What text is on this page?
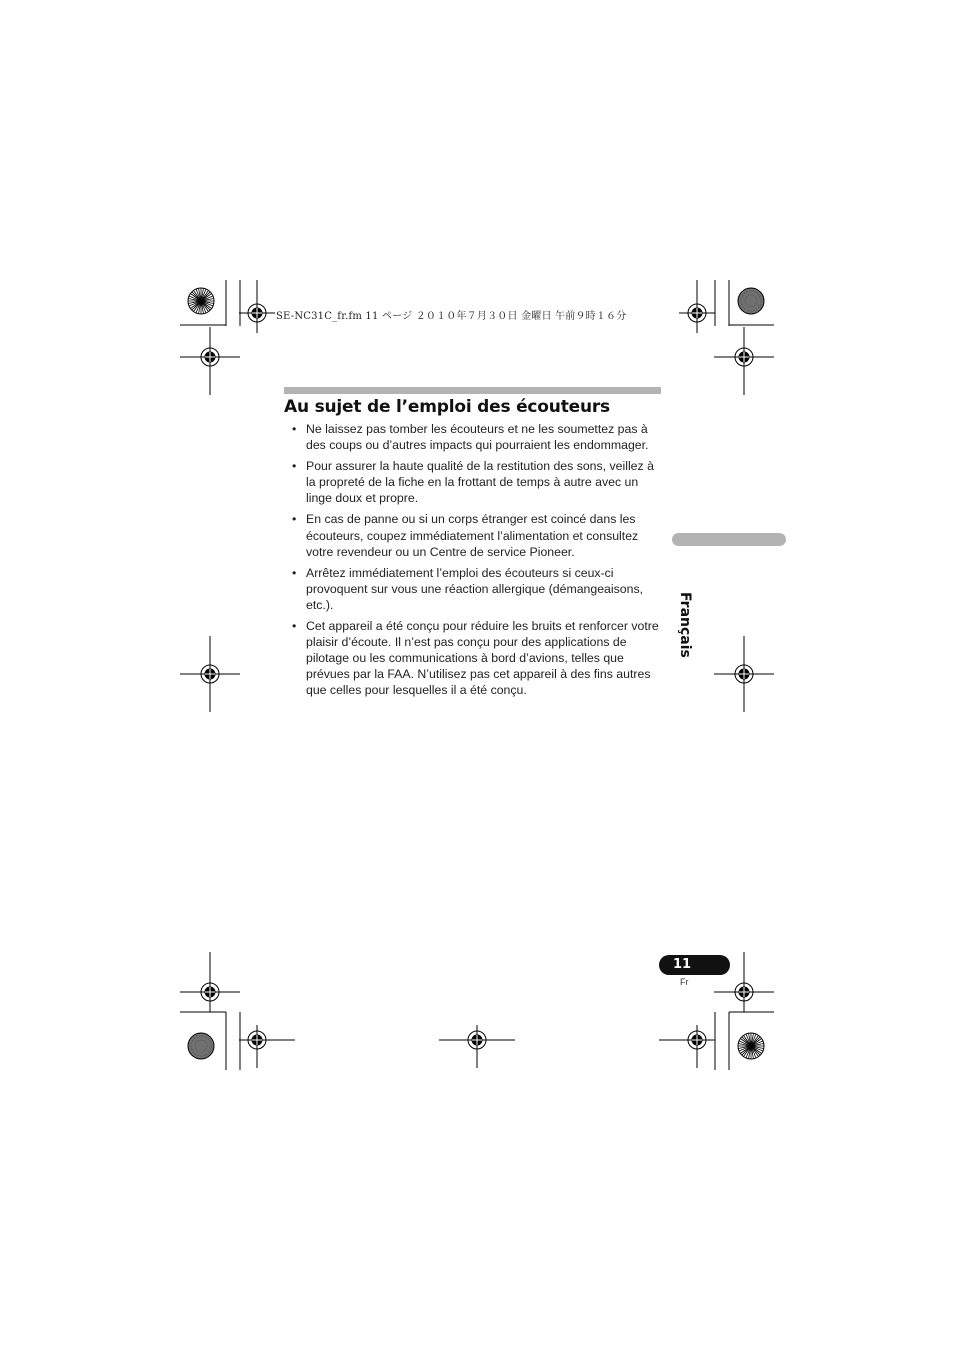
SE-NC31C_fr.fm 11 ページ ２０１０年７月３０日 金曜日 午前９時１６分
Au sujet de l’emploi des écouteurs
• Ne laissez pas tomber les écouteurs et ne les soumettez pas à des coups ou d’autres impacts qui pourraient les endommager.
• Pour assurer la haute qualité de la restitution des sons, veillez à la propreté de la fiche en la frottant de temps à autre avec un linge doux et propre.
• En cas de panne ou si un corps étranger est coincé dans les écouteurs, coupez immédiatement l’alimentation et consultez votre revendeur ou un Centre de service Pioneer.
• Arrêtez immédiatement l’emploi des écouteurs si ceux-ci provoquent sur vous une réaction allergique (démangeaisons, etc.).
• Cet appareil a été conçu pour réduire les bruits et renforcer votre plaisir d’écoute. Il n’est pas conçu pour des applications de pilotage ou les communications à bord d’avions, telles que prévues par la FAA. N’utilisez pas cet appareil à des fins autres que celles pour lesquelles il a été conçu.
Français
11
Fr
